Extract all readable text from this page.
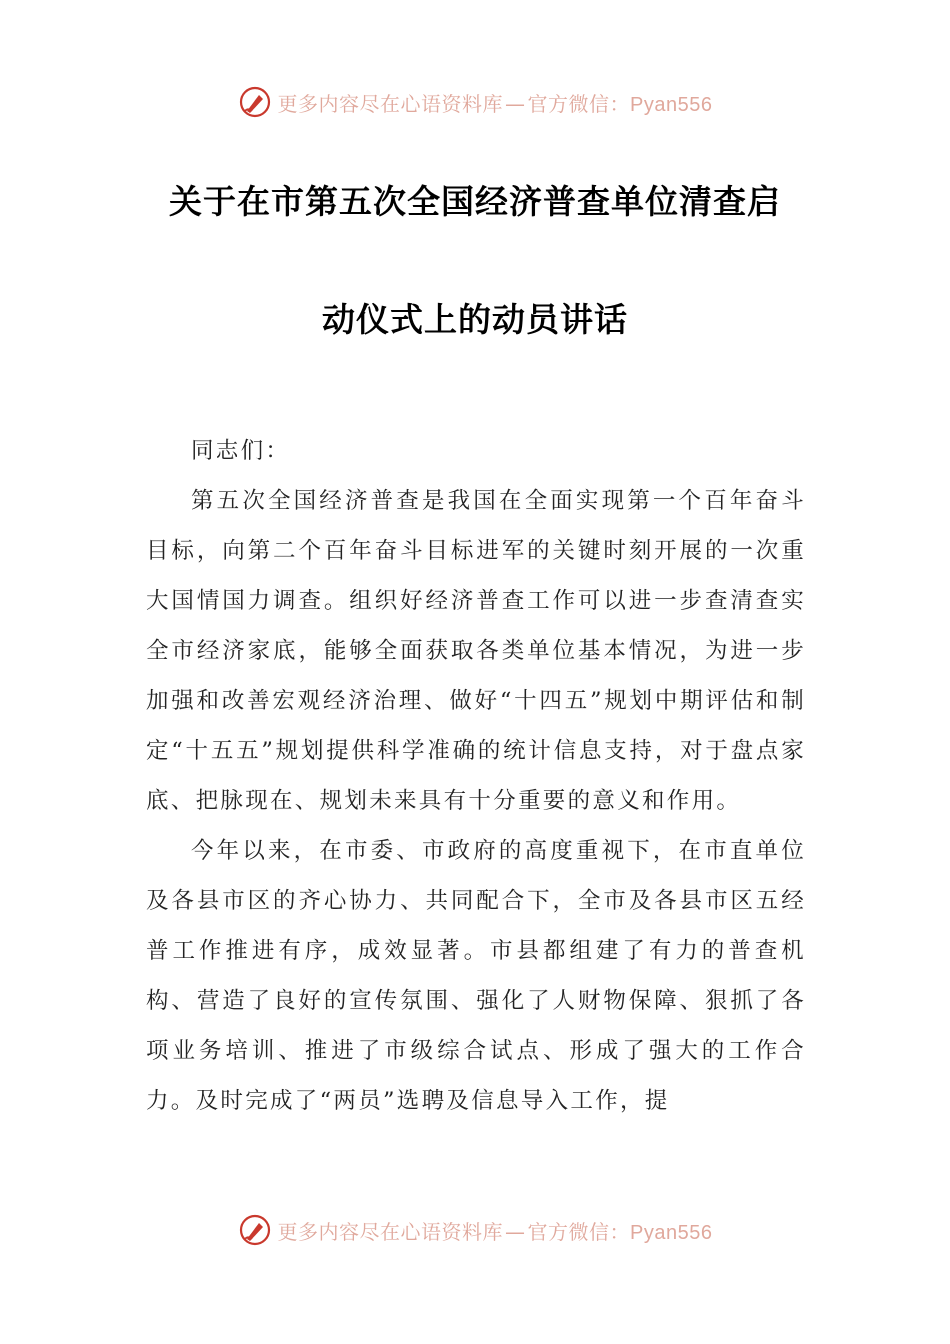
更多内容尽在心语资料库 — 官方微信：Pyan556
关于在市第五次全国经济普查单位清查启
动仪式上的动员讲话

同志们：

第五次全国经济普查是我国在全面实现第一个百年奋斗目标，向第二个百年奋斗目标进军的关键时刻开展的一次重大国情国力调查。组织好经济普查工作可以进一步查清查实全市经济家底，能够全面获取各类单位基本情况，为进一步加强和改善宏观经济治理、做好“十四五”规划中期评估和制定“十五五”规划提供科学准确的统计信息支持，对于盘点家底、把脉现在、规划未来具有十分重要的意义和作用。

今年以来，在市委、市政府的高度重视下，在市直单位及各县市区的齐心协力、共同配合下，全市及各县市区五经普工作推进有序，成效显著。市县都组建了有力的普查机构、营造了良好的宣传氛围、强化了人财物保障、狠抓了各项业务培训、推进了市级综合试点、形成了强大的工作合力。及时完成了“两员”选聘及信息导入工作，提

更多内容尽在心语资料库 — 官方微信：Pyan556
